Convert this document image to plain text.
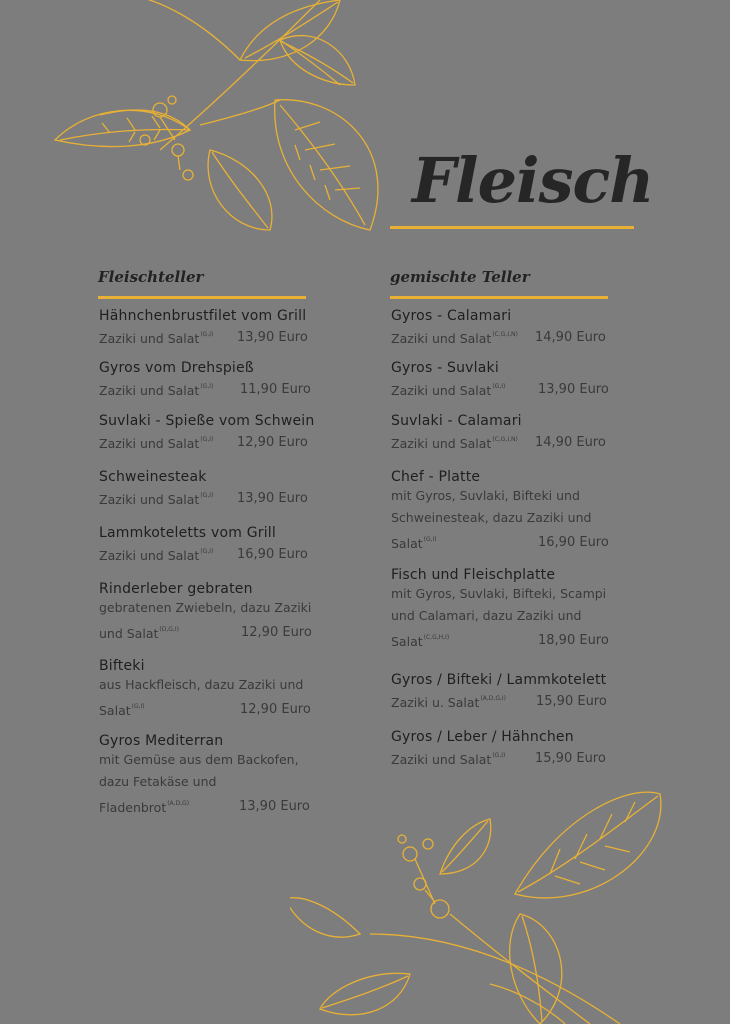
Fleisch
Fleischteller	gemischte Teller
Hähnchenbrustfilet vom Grill
Zaziki und Salat$^{(G,I)}$	13,90 Euro
Gyros vom Drehspieß
Zaziki und Salat$^{(G,I)}$	11,90 Euro
Suvlaki - Spieße vom Schwein
Zaziki und Salat$^{(G,I)}$	12,90 Euro
Schweinesteak
Zaziki und Salat$^{(G,I)}$ 13,90 Euro
Lammkoteletts vom Grill
Zaziki und Salat$^{(G,I)}$	16,90 Euro
Rinderleber gebraten
gebratenen Zwiebeln, dazu Zaziki
und Salat$^{(D,G,I)}$	12,90 Euro
Bifteki
aus Hackfleisch, dazu Zaziki und
Salat$^{(G,I)}$	12,90 Euro
Gyros Mediterran
mit Gemüse aus dem Backofen,
dazu Fetakäse und
Fladenbrot$^{(A,D,G)}$	13,90 Euro
Gyros - Calamari
Zaziki und Salat$^{(C,G,I,N)}$ 14,90 Euro
Gyros - Suvlaki
Zaziki und Salat$^{(G,I)}$	13,90 Euro
Suvlaki - Calamari
Zaziki und Salat$^{(C,G,I,N)}$	14,90 Euro
Chef - Platte
mit Gyros, Suvlaki, Bifteki und
Schweinesteak, dazu Zaziki und
Salat$^{(G,I)}$	16,90 Euro
Fisch und Fleischplatte
mit Gyros, Suvlaki, Bifteki, Scampi
und Calamari, dazu Zaziki und
Salat$^{(C,G,H,I)}$	18,90 Euro
Gyros / Bifteki / Lammkotelett
Zaziki u. Salat$^{(A,D,G,I)}$	15,90 Euro
Gyros / Leber / Hähnchen
Zaziki und Salat$^{(G,I)}$	15,90 Euro
